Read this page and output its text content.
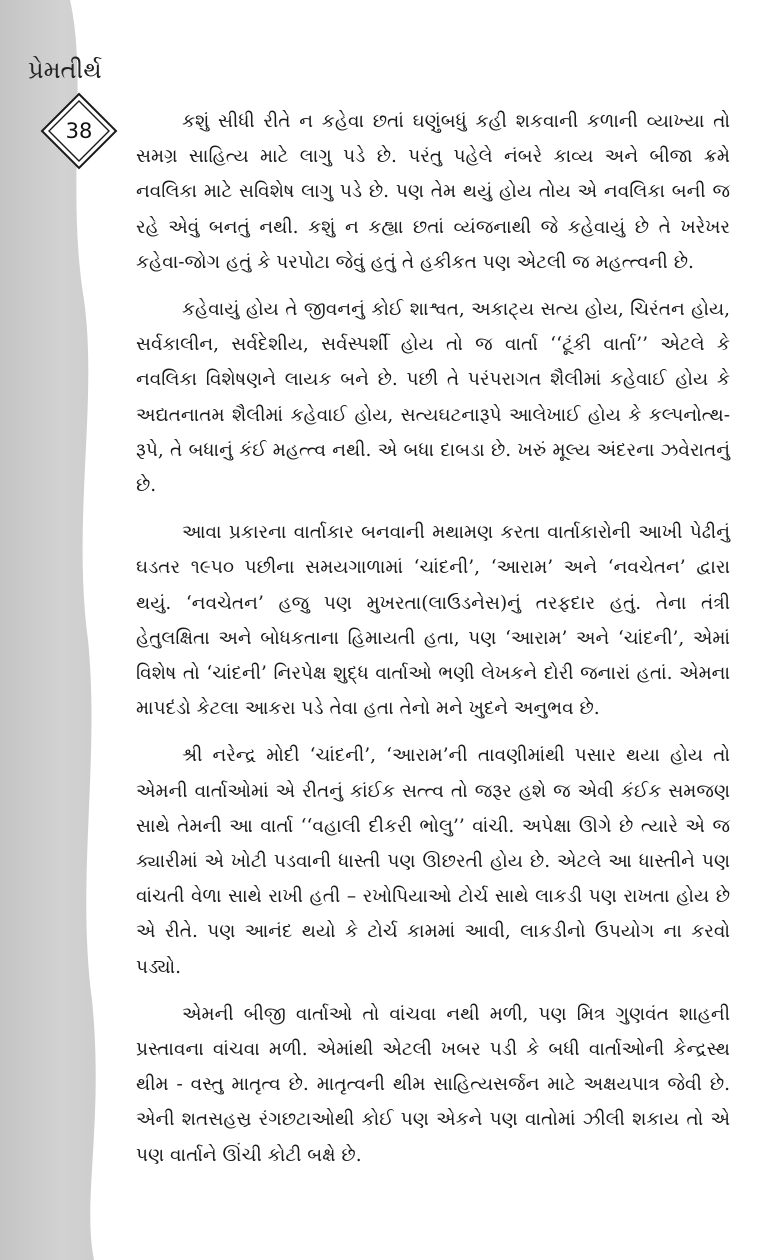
પ્રેમતીર્થ
38	કશું સીધી રીતે ન કહેવા છતાં ઘણુંબધું કહી શકવાની કળાની વ્યાખ્યા તો સમગ્ર સાહિત્ય માટે લાગુ પડે છે. પરંતુ પહેલે નંબરે કાવ્ય અને બીજા ક્રમે નવલિકા માટે સવિશેષ લાગુ પડે છે. પણ તેમ થયું હોય તોય એ નવલિકા બની જ રહે એવું બનતું નથી. કશું ન કહ્યા છતાં વ્યંજનાથી જે કહેવાયું છે તે ખરેખર કહેવા-જોગ હતું કે પરપોટા જેવું હતું તે હકીકત પણ એટલી જ મહત્ત્વની છે.

કહેવાયું હોય તે જીવનનું કોઈ શાશ્વત, અકાટ્ય સત્ય હોય, ચિરંતન હોય, સર્વકાલીન, સર્વદેશીય, સર્વસ્પર્શી હોય તો જ વાર્તા ‘‘ટૂંકી વાર્તા’’ એટલે કે નવલિકા વિશેષણને લાયક બને છે. પછી તે પરંપરાગત શૈલીમાં કહેવાઈ હોય કે અદ્યતનાતમ શૈલીમાં કહેવાઈ હોય, સત્યઘટનારૂપે આલેખાઈ હોય કે કલ્પનોત્થ-રૂપે, તે બધાનું કંઈ મહત્ત્વ નથી. એ બધા દાબડા છે. ખરું મૂલ્ય અંદરના ઝવેરાતનું છે.

આવા પ્રકારના વાર્તાકાર બનવાની મથામણ કરતા વાર્તાકારોની આખી પેઢીનું ઘડતર ૧૯૫૦ પછીના સમયગાળામાં ‘ચાંદની’, ‘આરામ’ અને ‘નવચેતન’ દ્વારા થયું. ‘નવચેતન’ હજુ પણ મુખરતા(લાઉડનેસ)નું તરફદાર હતું. તેના તંત્રી હેતુલક્ષિતા અને બોધકતાના હિમાયતી હતા, પણ ‘આરામ’ અને ‘ચાંદની’, એમાં વિશેષ તો ‘ચાંદની’ નિરપેક્ષ શુદ્ધ વાર્તાઓ ભણી લેખકને દોરી જનારાં હતાં. એમના માપદંડો કેટલા આકરા પડે તેવા હતા તેનો મને ખુદને અનુભવ છે.

શ્રી નરેન્દ્ર મોદી ‘ચાંદની’, ‘આરામ’ની તાવણીમાંથી પસાર થયા હોય તો એમની વાર્તાઓમાં એ રીતનું કાંઈક સત્ત્વ તો જરૂર હશે જ એવી કંઈક સમજણ સાથે તેમની આ વાર્તા ‘‘વહાલી દીકરી ભોલુ’’ વાંચી. અપેક્ષા ઊગે છે ત્યારે એ જ ક્યારીમાં એ ખોટી પડવાની ધાસ્તી પણ ઊછરતી હોય છે. એટલે આ ધાસ્તીને પણ વાંચતી વેળા સાથે રાખી હતી – રખોપિયાઓ ટોર્ચ સાથે લાકડી પણ રાખતા હોય છે એ રીતે. પણ આનંદ થયો કે ટોર્ચ કામમાં આવી, લાકડીનો ઉપયોગ ના કરવો પડ્યો.

એમની બીજી વાર્તાઓ તો વાંચવા નથી મળી, પણ મિત્ર ગુણવંત શાહની પ્રસ્તાવના વાંચવા મળી. એમાંથી એટલી ખબર પડી કે બધી વાર્તાઓની કેન્દ્રસ્થ થીમ - વસ્તુ માતૃત્વ છે. માતૃત્વની થીમ સાહિત્યસર્જન માટે અક્ષયપાત્ર જેવી છે. એની શતસહસ્ર રંગછટાઓથી કોઈ પણ એકને પણ વાતોમાં ઝીલી શકાય તો એ પણ વાર્તાને ઊંચી કોટી બક્ષે છે.
